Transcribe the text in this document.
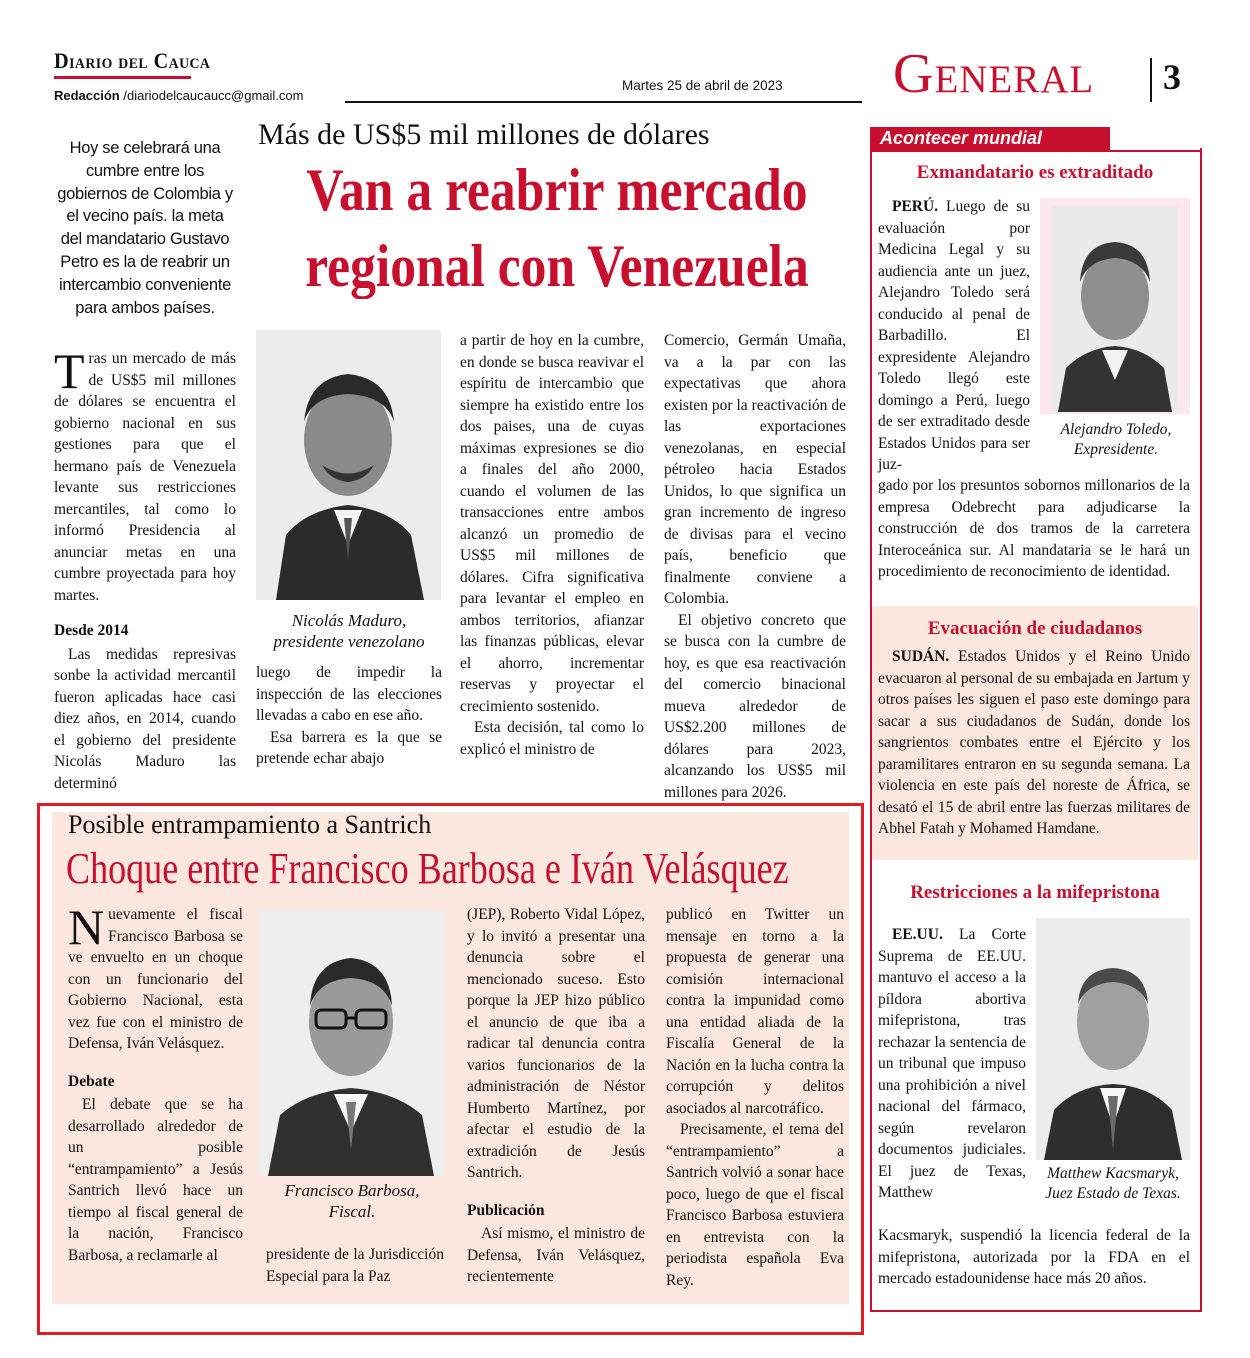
Diario del Cauca
Redacción /diariodelcaucaucc@gmail.com
Martes 25 de abril de 2023 General 3
Más de US$5 mil millones de dólares
Van a reabrir mercado regional con Venezuela
Hoy se celebrará una cumbre entre los gobiernos de Colombia y el vecino país. la meta del mandatario Gustavo Petro es la de reabrir un intercambio conveniente para ambos países.
T ras un mercado de más de US$5 mil millones de dólares se encuentra el gobierno nacional en sus gestiones para que el hermano país de Venezuela levante sus restricciones mercantiles, tal como lo informó Presidencia al anunciar metas en una cumbre proyectada para hoy martes.

Desde 2014

Las medidas represivas sonbe la actividad mercantil fueron aplicadas hace casi diez años, en 2014, cuando el gobierno del presidente Nicolás Maduro las determinó

Nicolás Maduro, presidente venezolano

luego de impedir la inspección de las elecciones llevadas a cabo en ese año.

Esa barrera es la que se pretende echar abajo

a partir de hoy en la cumbre, en donde se busca reavivar el espíritu de intercambio que siempre ha existido entre los dos paises, una de cuyas máximas expresiones se dio a finales del año 2000, cuando el volumen de las transacciones entre ambos alcanzó un promedio de US$5 mil millones de dólares. Cifra significativa para levantar el empleo en ambos territorios, afianzar las finanzas públicas, elevar el ahorro, incrementar reservas y proyectar el crecimiento sostenido.

Esta decisión, tal como lo explicó el ministro de

Comercio, Germán Umaña, va a la par con las expectativas que ahora existen por la reactivación de las exportaciones venezolanas, en especial pétroleo hacia Estados Unidos, lo que significa un gran incremento de ingreso de divisas para el vecino país, beneficio que finalmente conviene a Colombia.

El objetivo concreto que se busca con la cumbre de hoy, es que esa reactivación del comercio binacional mueva alrededor de US$2.200 millones de dólares para 2023, alcanzando los US$5 mil millones para 2026.

Posible entrampamiento a Santrich
Choque entre Francisco Barbosa e Iván Velásquez
N uevamente el fiscal Francisco Barbosa se ve envuelto en un choque con un funcionario del Gobierno Nacional, esta vez fue con el ministro de Defensa, Iván Velásquez.

Debate

El debate que se ha desarrollado alrededor de un posible “entrampamiento” a Jesús Santrich llevó hace un tiempo al fiscal general de la nación, Francisco Barbosa, a reclamarle al

Francisco Barbosa, Fiscal.

presidente de la Jurisdicción Especial para la Paz

(JEP), Roberto Vidal López, y lo invitó a presentar una denuncia sobre el mencionado suceso. Esto porque la JEP hizo público el anuncio de que iba a radicar tal denuncia contra varios funcionarios de la administración de Néstor Humberto Martínez, por afectar el estudio de la extradición de Jesús Santrich.

Publicación

Así mismo, el ministro de Defensa, Iván Velásquez, recientemente

publicó en Twitter un mensaje en torno a la propuesta de generar una comisión internacional contra la impunidad como una entidad aliada de la Fiscalía General de la Nación en la lucha contra la corrupción y delitos asociados al narcotráfico.

Precisamente, el tema del “entrampamiento” a Santrich volvió a sonar hace poco, luego de que el fiscal Francisco Barbosa estuviera en entrevista con la periodista española Eva Rey.

Acontecer mundial
Exmandatario es extraditado
Alejandro Toledo, Expresidente.

PERÚ. Luego de su evaluación por Medicina Legal y su audiencia ante un juez, Alejandro Toledo será conducido al penal de Barbadillo. El expresidente Alejandro Toledo llegó este domingo a Perú, luego de ser extraditado desde Estados Unidos para ser juz-

gado por los presuntos sobornos millonarios de la empresa Odebrecht para adjudicarse la construcción de dos tramos de la carretera Interoceánica sur. Al mandataria se le hará un procedimiento de reconocimiento de identidad.

Evacuación de ciudadanos

SUDÁN. Estados Unidos y el Reino Unido evacuaron al personal de su embajada en Jartum y otros países les siguen el paso este domingo para sacar a sus ciudadanos de Sudán, donde los sangrientos combates entre el Ejército y los paramilitares entraron en su segunda semana. La violencia en este país del noreste de África, se desató el 15 de abril entre las fuerzas militares de Abhel Fatah y Mohamed Hamdane.

Restricciones a la mifepristona
Matthew Kacsmaryk, Juez Estado de Texas.

EE.UU. La Corte Suprema de EE.UU. mantuvo el acceso a la píldora abortiva mifepristona, tras rechazar la sentencia de un tribunal que impuso una prohibición a nivel nacional del fármaco, según revelaron documentos judiciales. El juez de Texas, Matthew

Kacsmaryk, suspendió la licencia federal de la mifepristona, autorizada por la FDA en el mercado estadounidense hace más 20 años.
